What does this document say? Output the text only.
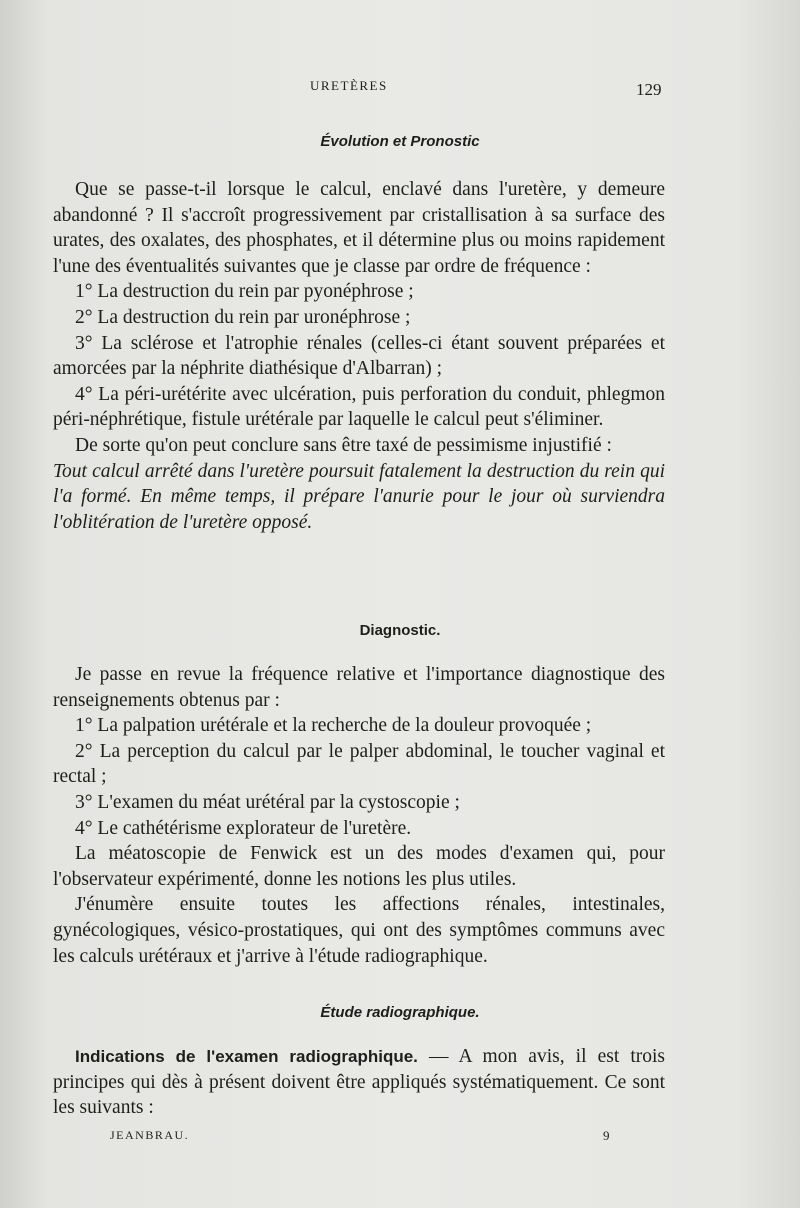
URETÈRES	129
Évolution et Pronostic

Que se passe-t-il lorsque le calcul, enclavé dans l'uretère, y demeure abandonné ? Il s'accroît progressivement par cristallisation à sa surface des urates, des oxalates, des phosphates, et il détermine plus ou moins rapidement l'une des éventualités suivantes que je classe par ordre de fréquence :

1° La destruction du rein par pyonéphrose ;

2° La destruction du rein par uronéphrose ;

3° La sclérose et l'atrophie rénales (celles-ci étant souvent préparées et amorcées par la néphrite diathésique d'Albarran) ;

4° La péri-urétérite avec ulcération, puis perforation du conduit, phlegmon péri-néphrétique, fistule urétérale par laquelle le calcul peut s'éliminer.

De sorte qu'on peut conclure sans être taxé de pessimisme injustifié :

Tout calcul arrêté dans l'uretère poursuit fatalement la destruction du rein qui l'a formé. En même temps, il prépare l'anurie pour le jour où surviendra l'oblitération de l'uretère opposé.

Diagnostic.

Je passe en revue la fréquence relative et l'importance diagnostique des renseignements obtenus par :

1° La palpation urétérale et la recherche de la douleur provoquée ;

2° La perception du calcul par le palper abdominal, le toucher vaginal et rectal ;

3° L'examen du méat urétéral par la cystoscopie ;

4° Le cathétérisme explorateur de l'uretère.

La méatoscopie de Fenwick est un des modes d'examen qui, pour l'observateur expérimenté, donne les notions les plus utiles.

J'énumère ensuite toutes les affections rénales, intestinales, gynécologiques, vésico-prostatiques, qui ont des symptômes communs avec les calculs urétéraux et j'arrive à l'étude radiographique.

Étude radiographique.

Indications de l'examen radiographique. — A mon avis, il est trois principes qui dès à présent doivent être appliqués systématiquement. Ce sont les suivants :

JEANBRAU.	9
